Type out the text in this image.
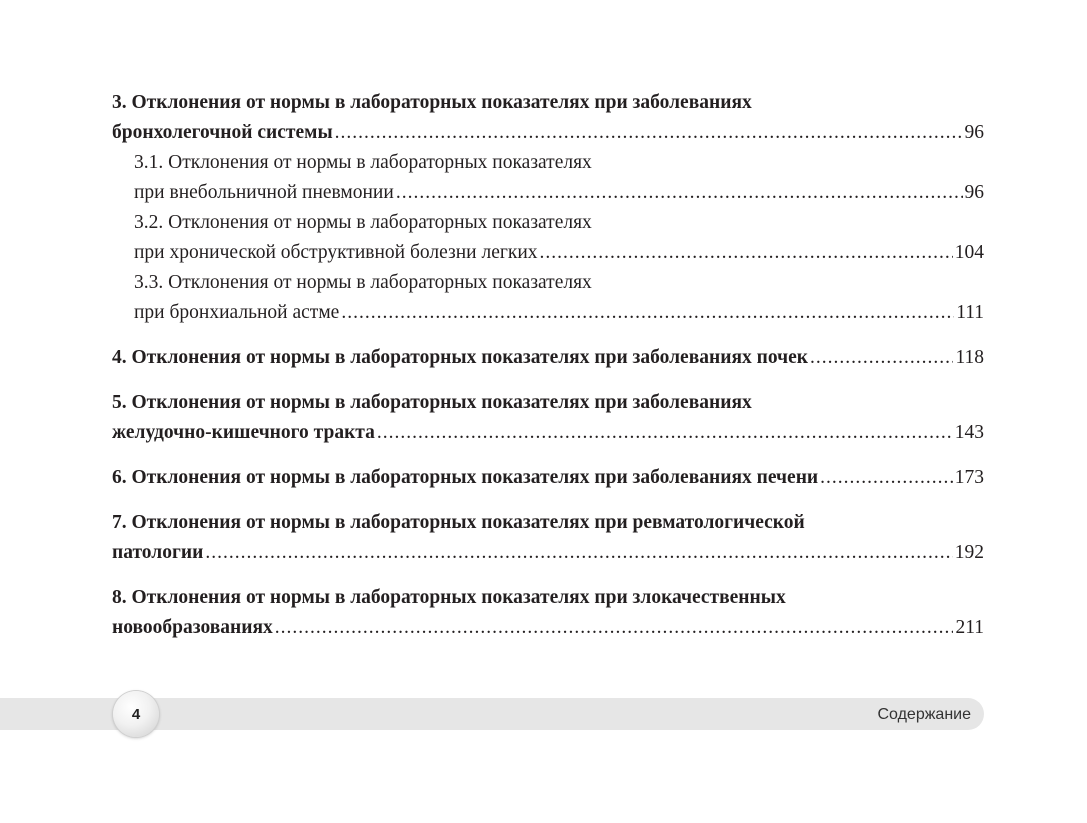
3. Отклонения от нормы в лабораторных показателях при заболеваниях
бронхолегочной системы .....	96
3.1. Отклонения от нормы в лабораторных показателях
при внебольничной пневмонии .....	96
3.2. Отклонения от нормы в лабораторных показателях
при хронической обструктивной болезни легких .....	104
3.3. Отклонения от нормы в лабораторных показателях
при бронхиальной астме .....	111
4. Отклонения от нормы в лабораторных показателях при заболеваниях почек .....	118
5. Отклонения от нормы в лабораторных показателях при заболеваниях
желудочно-кишечного тракта .....	143
6. Отклонения от нормы в лабораторных показателях при заболеваниях печени .....	173
7. Отклонения от нормы в лабораторных показателях при ревматологической
патологии .....	192
8. Отклонения от нормы в лабораторных показателях при злокачественных
новообразованиях .....	211
4	Содержание
